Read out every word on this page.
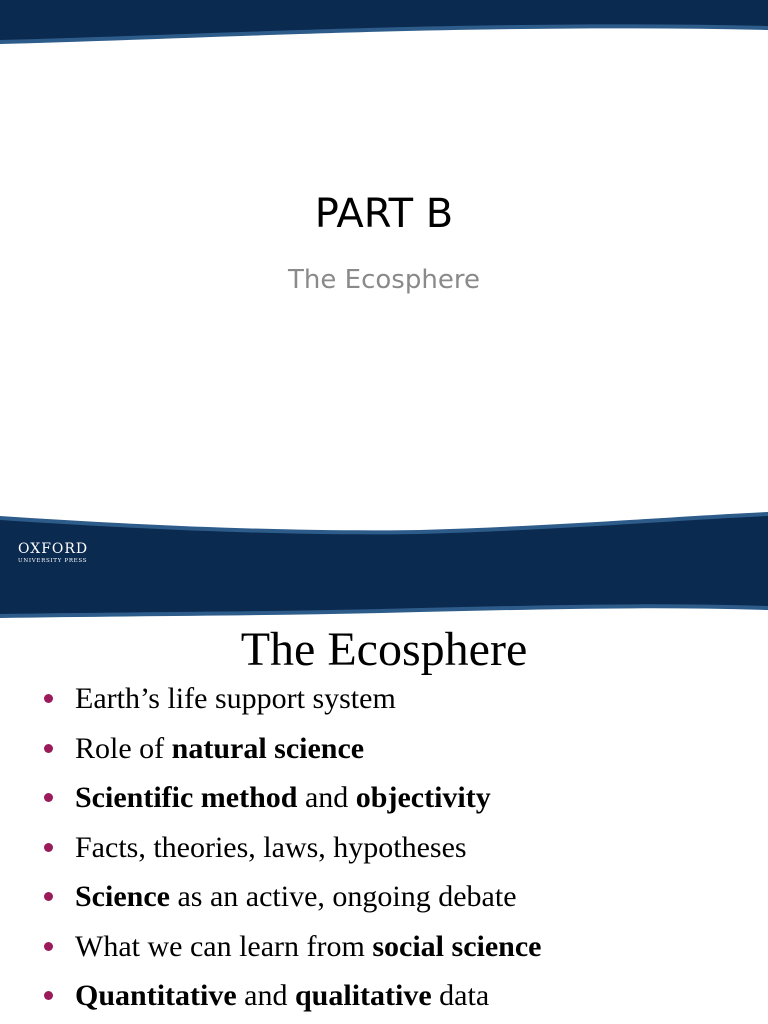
PART B
The Ecosphere
OXFORD
UNIVERSITY PRESS
The Ecosphere
Earth’s life support system
Role of natural science
Scientific method and objectivity
Facts, theories, laws, hypotheses
Science as an active, ongoing debate
What we can learn from social science
Quantitative and qualitative data
